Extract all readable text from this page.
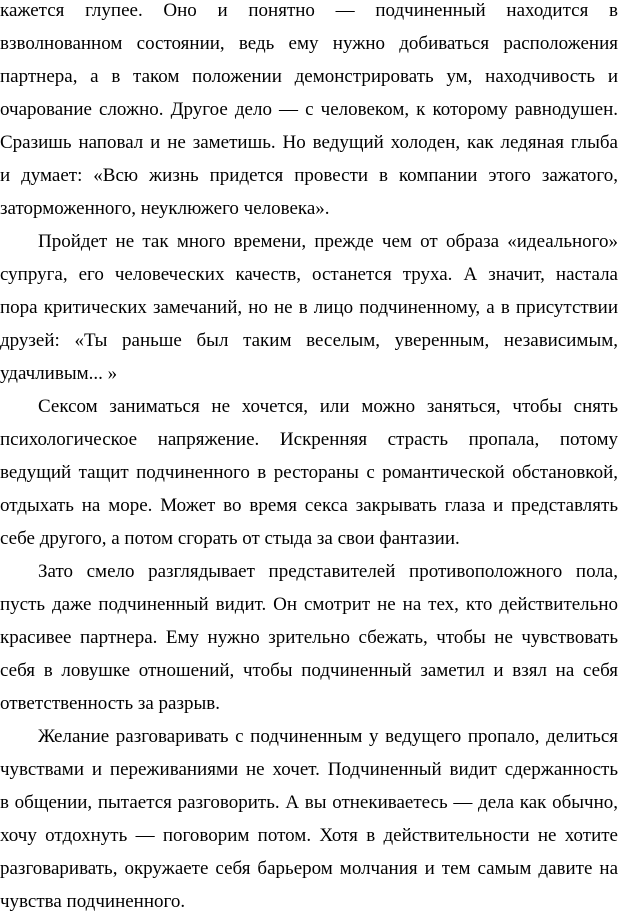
кажется глупее. Оно и понятно — подчиненный находится в
взволнованном состоянии, ведь ему нужно добиваться расположения
партнера, а в таком положении демонстрировать ум, находчивость и
очарование сложно. Другое дело — с человеком, к которому равнодушен.
Сразишь наповал и не заметишь. Но ведущий холоден, как ледяная глыба
и думает: «Всю жизнь придется провести в компании этого зажатого,
заторможенного, неуклюжего человека».
Пройдет не так много времени, прежде чем от образа «идеального»
супруга, его человеческих качеств, останется труха. А значит, настала
пора критических замечаний, но не в лицо подчиненному, а в присутствии
друзей: «Ты раньше был таким веселым, уверенным, независимым,
удачливым... »
Сексом заниматься не хочется, или можно заняться, чтобы снять
психологическое напряжение. Искренняя страсть пропала, потому
ведущий тащит подчиненного в рестораны с романтической обстановкой,
отдыхать на море. Может во время секса закрывать глаза и представлять
себе другого, а потом сгорать от стыда за свои фантазии.
Зато смело разглядывает представителей противоположного пола,
пусть даже подчиненный видит. Он смотрит не на тех, кто действительно
красивее партнера. Ему нужно зрительно сбежать, чтобы не чувствовать
себя в ловушке отношений, чтобы подчиненный заметил и взял на себя
ответственность за разрыв.
Желание разговаривать с подчиненным у ведущего пропало, делиться
чувствами и переживаниями не хочет. Подчиненный видит сдержанность
в общении, пытается разговорить. А вы отнекиваетесь — дела как обычно,
хочу отдохнуть — поговорим потом. Хотя в действительности не хотите
разговаривать, окружаете себя барьером молчания и тем самым давите на
чувства подчиненного.
